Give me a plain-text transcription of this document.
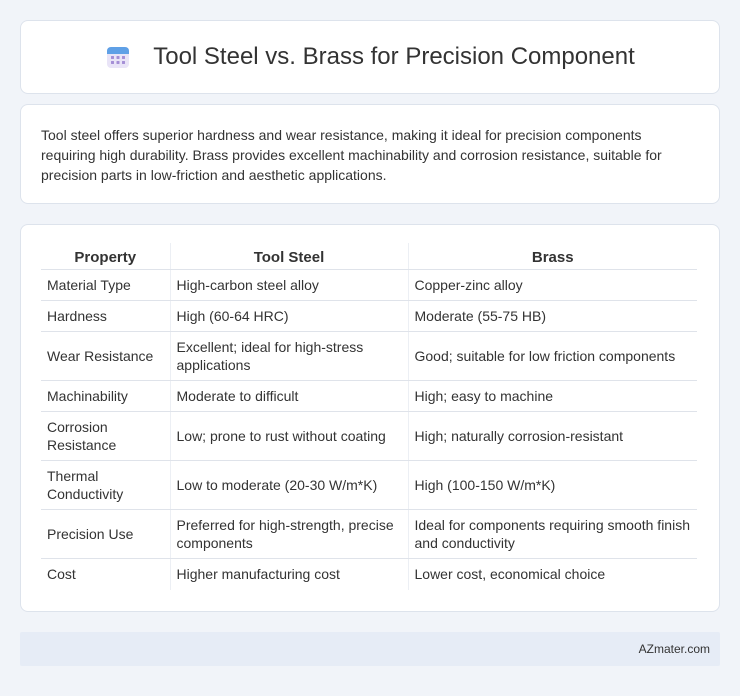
Tool Steel vs. Brass for Precision Component

Tool steel offers superior hardness and wear resistance, making it ideal for precision components requiring high durability. Brass provides excellent machinability and corrosion resistance, suitable for precision parts in low-friction and aesthetic applications.

Property	Tool Steel	Brass
Material Type	High-carbon steel alloy	Copper-zinc alloy
Hardness	High (60-64 HRC)	Moderate (55-75 HB)
Wear Resistance	Excellent; ideal for high-stress applications	Good; suitable for low friction components
Machinability	Moderate to difficult	High; easy to machine
Corrosion Resistance	Low; prone to rust without coating	High; naturally corrosion-resistant
Thermal Conductivity	Low to moderate (20-30 W/m*K)	High (100-150 W/m*K)
Precision Use	Preferred for high-strength, precise components	Ideal for components requiring smooth finish and conductivity
Cost	Higher manufacturing cost	Lower cost, economical choice
AZmater.com
